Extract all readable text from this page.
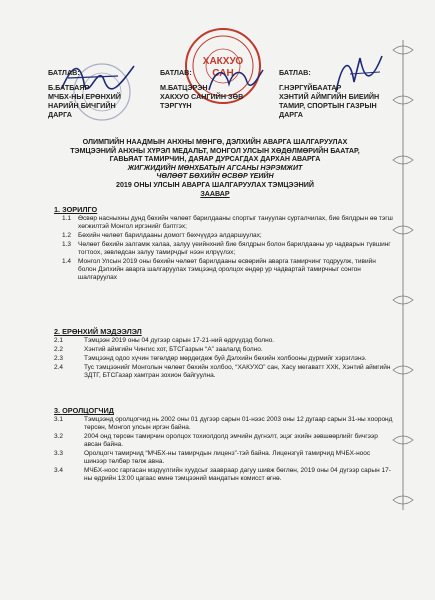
ХАКХУО
САН
БАТЛАВ:
Б.БАТБАЯР
МЧБХ-НЫ ЕРӨНХИЙ
НАРИЙН БИЧГИЙН
ДАРГА
БАТЛАВ:
М.БАТЦЭРЭН
ХАКХУО САНГИЙН ЗӨВ
ТЭРГҮҮН
БАТЛАВ:
Г.НЭРГҮЙБААТАР
ХЭНТИЙ АЙМГИЙН БИЕИЙН
ТАМИР, СПОРТЫН ГАЗРЫН
ДАРГА
ОЛИМПИЙН НААДМЫН АНХНЫ МӨНГӨ, ДЭЛХИЙН АВАРГА ШАЛГАРУУЛАХ
ТЭМЦЭЭНИЙ АНХНЫ ХҮРЭЛ МЕДАЛЬТ, МОНГОЛ УЛСЫН ХӨДӨЛМӨРИЙН БААТАР,
ГАВЬЯАТ ТАМИРЧИН, ДАЯАР ДУРСАГДАХ ДАРХАН АВАРГА
ЖИГЖИДИЙН МӨНХБАТЫН АГСАНЫ НЭРЭМЖИТ
ЧӨЛӨӨТ БӨХИЙН ӨСВӨР ҮЕИЙН
2019 ОНЫ УЛСЫН АВАРГА ШАЛГАРУУЛАХ ТЭМЦЭЭНИЙ
ЗААВАР
1. ЗОРИЛГО
1.1	Өсвөр насныхны дунд бөхийн чөлөөт барилдааны спортыг тануулан сурталчилах, бие бялдрын өө тэгш хөгжилтэй Монгол иргэнийг бэлтгэх;
1.2	Бөхийн чөлөөт барилдааны домогт бөхчүүдээ алдаршуулах;
1.3	Чөлөөт бөхийн залгамж халаа, залуу үеийнхний бие бялдрын болон барилдааны ур чадварын түвшинг тогтоох, зөвлөдсан залуу тамирчдыг нээн илрүүлэх;
1.4	Монгол Улсын 2019 оны бөхийн чөлөөт барилдааны өсвөрийн аварга тамирчинг тодруулж, тивийн болон Дэлхийн аварга шалгаруулах тэмцээнд оролцох өндөр ур чадвартай тамирчныг сонгон шалгаруулах
2. ЕРӨНХИЙ МЭДЭЭЛЭЛ
2.1	Тэмцээн 2019 оны 04 дүгээр сарын 17-21-ний өдрүүдэд болно.
2.2	Хэнтий аймгийн Чингис хот, БТСГазрын “А” заалалд болно.
2.3	Тэмцээнд одоо хүчин төгөлдөр мөрдөгдөж буй Дэлхийн бөхийн холбооны дүрмийг хэрэглэнэ.
2.4	Тус тэмцээнийг Монголын чөлөөт бөхийн холбоо, “ХАКУХО” сан, Хасу мегаватт ХХК, Хэнтий аймгийн ЗДТГ, БТСГазар хамтран зохион байгуулна.
3. ОРОЛЦОГЧИД
3.1	Тэмцээнд оролцогчид нь 2002 оны 01 дүгээр сарын 01-нээс 2003 оны 12 дугаар сарын 31-ны хооронд төрсөн, Монгол улсын иргэн байна.
3.2	2004 онд төрсөн тамирчин оролцох тохиолдолд эмчийн дүгнэлт, эцэг эхийн зөвшөөрлийг бичгээр авсан байна.
3.3	Оролцогч тамирчид “МЧБХ-ны тамирчдын лиценз”-тэй байна. Лицензгүй тамирчид МЧБХ-ноос шинээр төлбөр төлж авна.
3.4	МЧБХ-ноос гаргасан мэдүүлгийн хуудсыг заавраар дагуу шивж бөглөн, 2019 оны 04 дүгээр сарын 17-ны өдрийн 13:00 цагаас өмнө тэмцээний мандатын комисст өгнө.
